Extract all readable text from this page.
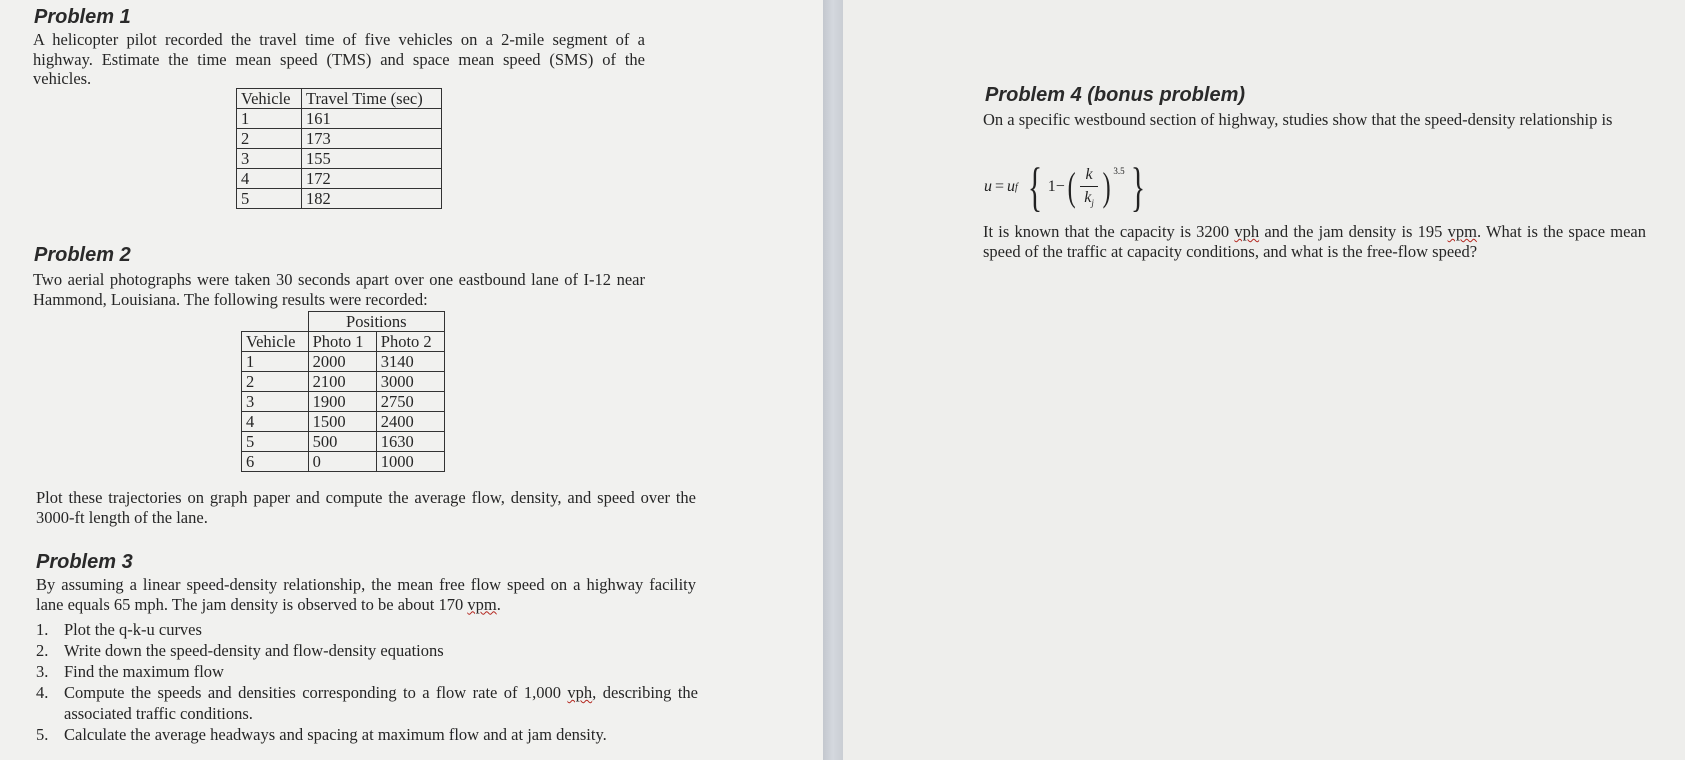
Problem 1

A helicopter pilot recorded the travel time of five vehicles on a 2-mile segment of a highway. Estimate the time mean speed (TMS) and space mean speed (SMS) of the vehicles.

Vehicle	Travel Time (sec)
1	161
2	173
3	155
4	172
5	182
Problem 2

Two aerial photographs were taken 30 seconds apart over one eastbound lane of I-12 near Hammond, Louisiana. The following results were recorded:

	Positions	
Vehicle	Photo 1	Photo 2
1	2000	3140
2	2100	3000
3	1900	2750
4	1500	2400
5	500	1630
6	0	1000

Plot these trajectories on graph paper and compute the average flow, density, and speed over the 3000-ft length of the lane.

Problem 3

By assuming a linear speed-density relationship, the mean free flow speed on a highway facility lane equals 65 mph. The jam density is observed to be about 170 vpm.

1. Plot the q-k-u curves
2. Write down the speed-density and flow-density equations
3. Find the maximum flow
4. Compute the speeds and densities corresponding to a flow rate of 1,000 vph, describing the associated traffic conditions.
5. Calculate the average headways and spacing at maximum flow and at jam density.
Problem 4 (bonus problem)

On a specific westbound section of highway, studies show that the speed-density relationship is

u = u f { 1 − ( $\frac{k}{k_j}$ ) $^{3.5}$ }

It is known that the capacity is 3200 vph and the jam density is 195 vpm. What is the space mean speed of the traffic at capacity conditions, and what is the free-flow speed?
